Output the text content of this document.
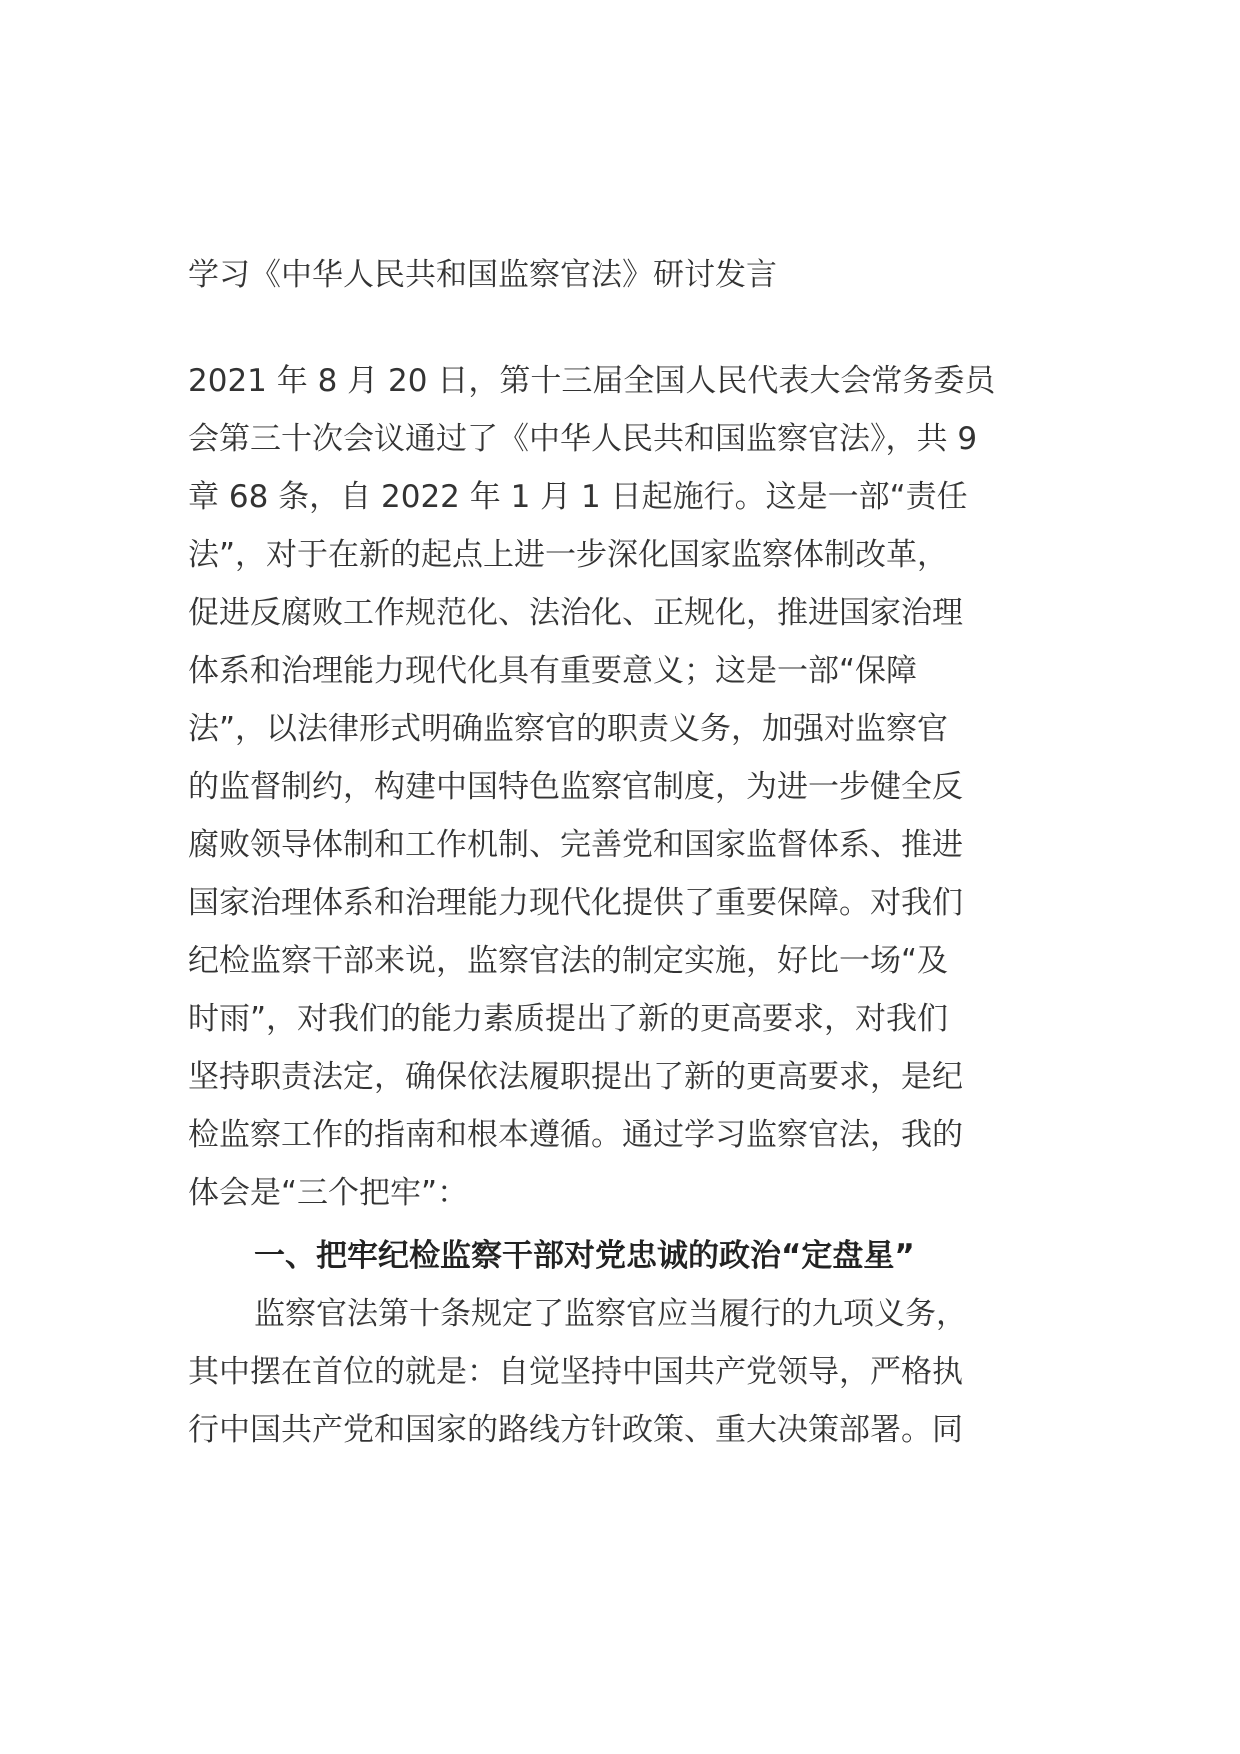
学习《中华人民共和国监察官法》研讨发言
2021 年 8 月 20 日，第十三届全国人民代表大会常务委员
会第三十次会议通过了《中华人民共和国监察官法》，共 9
章 68 条，自 2022 年 1 月 1 日起施行。这是一部“责任
法”，对于在新的起点上进一步深化国家监察体制改革，
促进反腐败工作规范化、法治化、正规化，推进国家治理
体系和治理能力现代化具有重要意义；这是一部“保障
法”，以法律形式明确监察官的职责义务，加强对监察官
的监督制约，构建中国特色监察官制度，为进一步健全反
腐败领导体制和工作机制、完善党和国家监督体系、推进
国家治理体系和治理能力现代化提供了重要保障。对我们
纪检监察干部来说，监察官法的制定实施，好比一场“及
时雨”，对我们的能力素质提出了新的更高要求，对我们
坚持职责法定，确保依法履职提出了新的更高要求，是纪
检监察工作的指南和根本遵循。通过学习监察官法，我的
体会是“三个把牢”：
一、把牢纪检监察干部对党忠诚的政治“定盘星”
监察官法第十条规定了监察官应当履行的九项义务，
其中摆在首位的就是：自觉坚持中国共产党领导，严格执
行中国共产党和国家的路线方针政策、重大决策部署。同
